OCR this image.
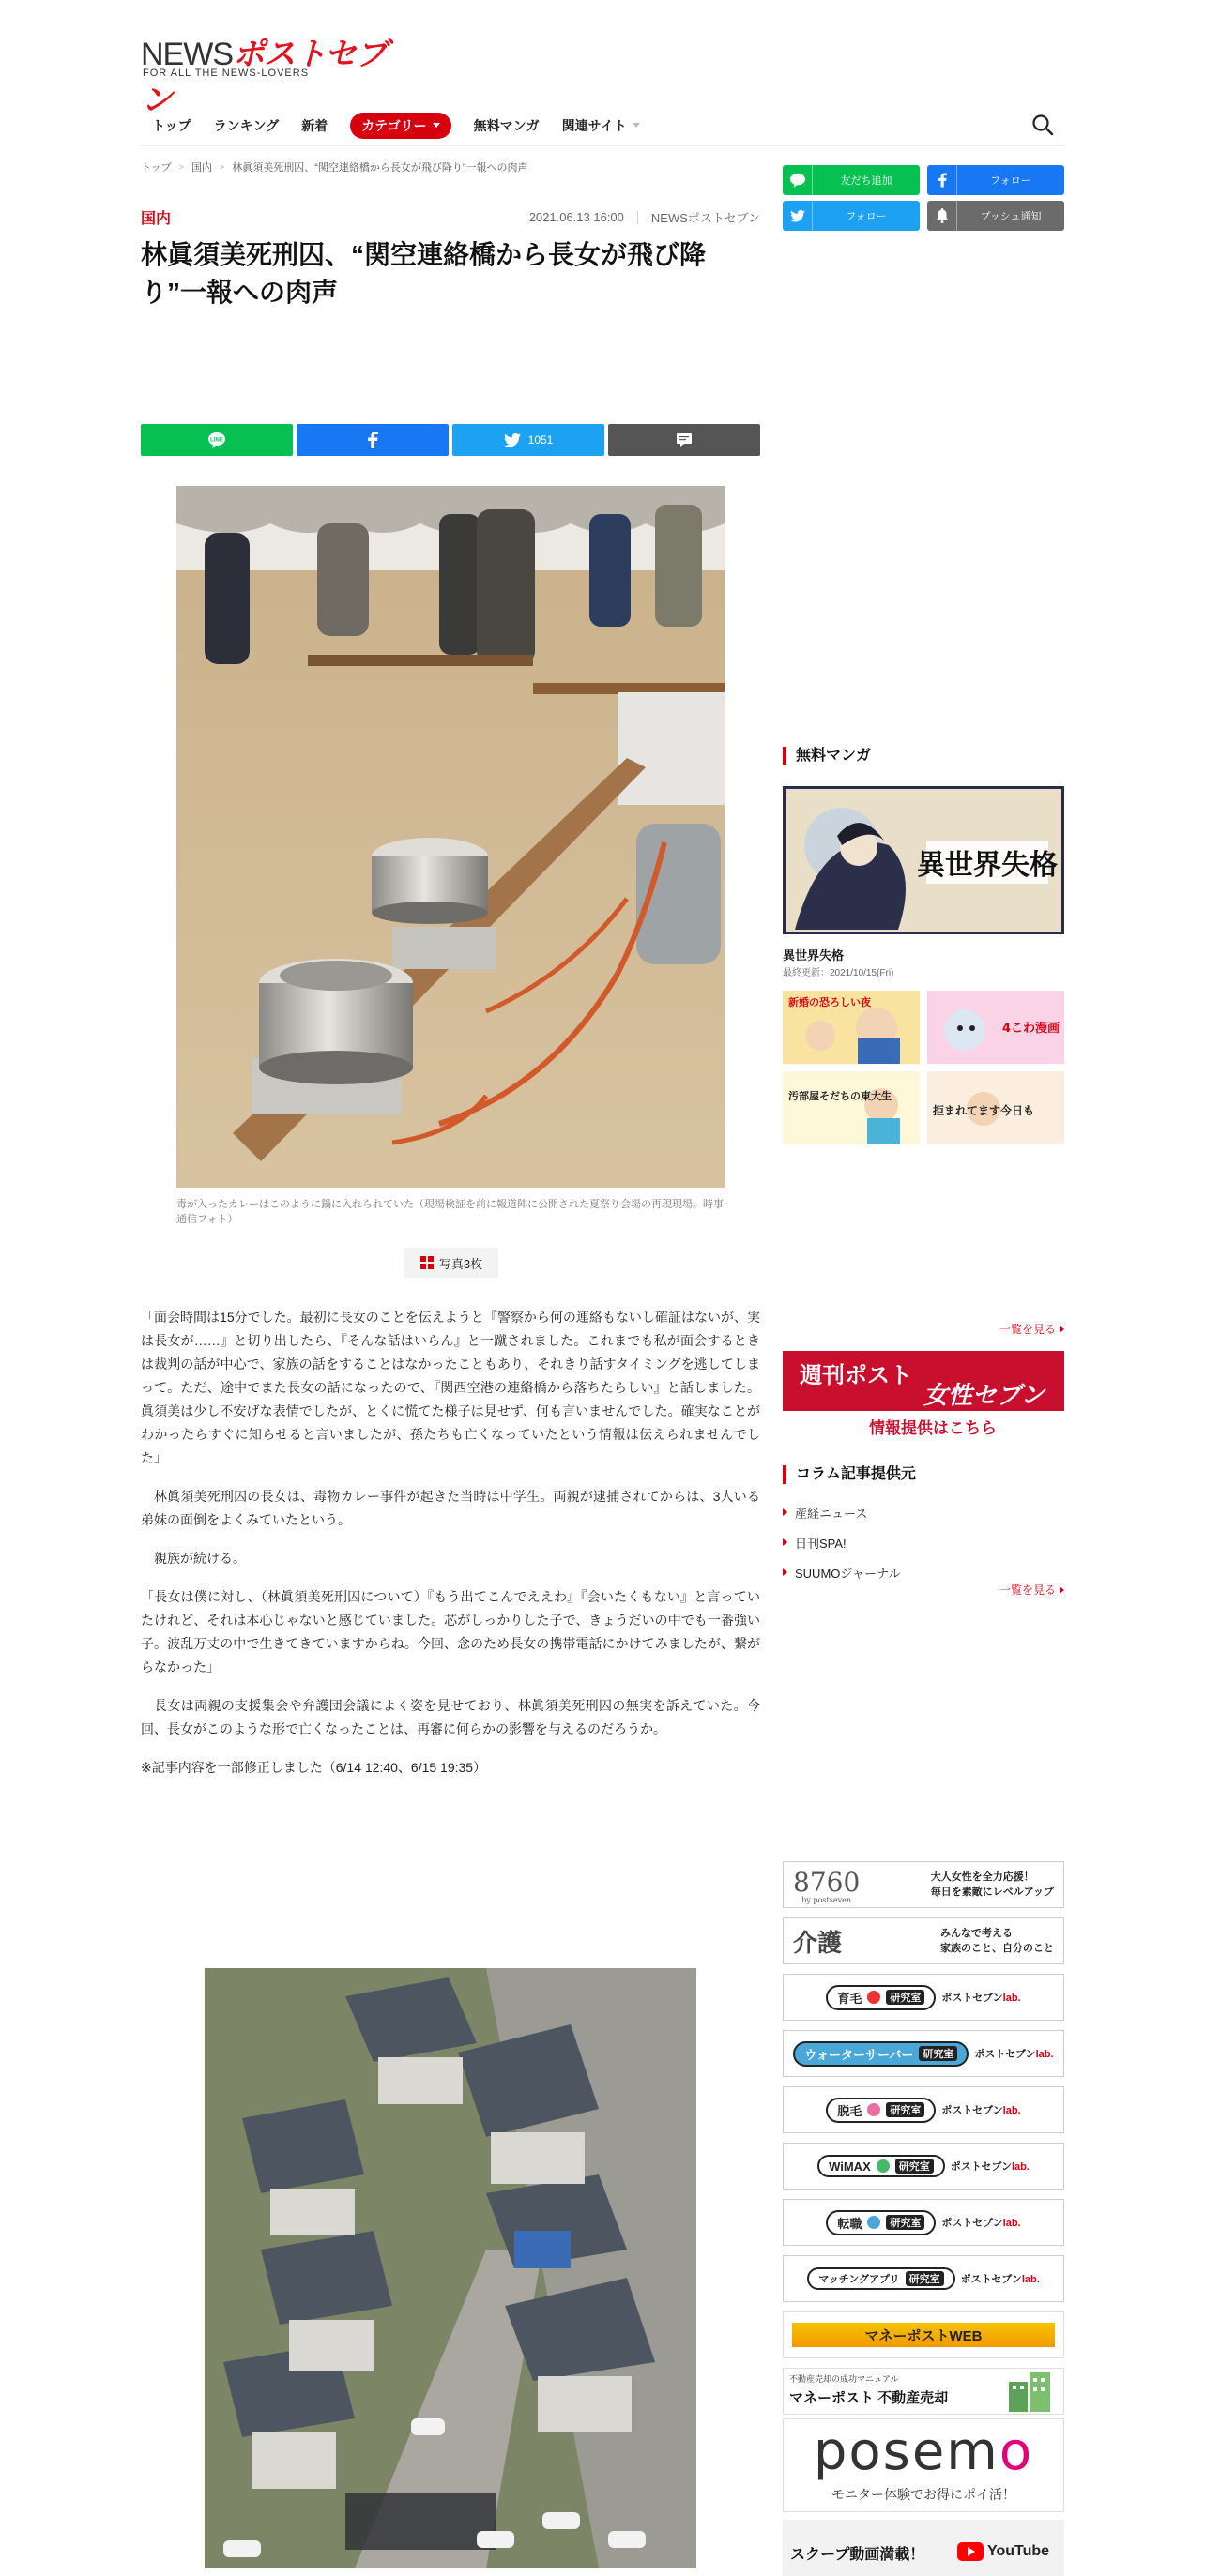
NEWSポストセブン
FOR ALL THE NEWS-LOVERS
トップ ランキング 新着	カテゴリー	無料マンガ 関連サイト
トップ > 国内 > 林眞須美死刑囚、“関空連絡橋から長女が飛び降り”一報への肉声
国内	2021.06.13 16:00 NEWSポストセブン
林眞須美死刑囚、“関空連絡橋から長女が飛び降り”一報への肉声
LINE	1051

毒が入ったカレーはこのように鍋に入れられていた（現場検証を前に報道陣に公開された夏祭り会場の再現現場。時事通信フォト）

写真3枚

「面会時間は15分でした。最初に長女のことを伝えようと『警察から何の連絡もないし確証はないが、実は長女が……』と切り出したら、『そんな話はいらん』と一蹴されました。これまでも私が面会するときは裁判の話が中心で、家族の話をすることはなかったこともあり、それきり話すタイミングを逃してしまって。ただ、途中でまた長女の話になったので、『関西空港の連絡橋から落ちたらしい』と話しました。眞須美は少し不安げな表情でしたが、とくに慌てた様子は見せず、何も言いませんでした。確実なことがわかったらすぐに知らせると言いましたが、孫たちも亡くなっていたという情報は伝えられませんでした」

林眞須美死刑囚の長女は、毒物カレー事件が起きた当時は中学生。両親が逮捕されてからは、3人いる弟妹の面倒をよくみていたという。

親族が続ける。

「長女は僕に対し、（林眞須美死刑囚について）『もう出てこんでええわ』『会いたくもない』と言っていたけれど、それは本心じゃないと感じていました。芯がしっかりした子で、きょうだいの中でも一番強い子。波乱万丈の中で生きてきていますからね。今回、念のため長女の携帯電話にかけてみましたが、繋がらなかった」

長女は両親の支援集会や弁護団会議によく姿を見せており、林眞須美死刑囚の無実を訴えていた。今回、長女がこのような形で亡くなったことは、再審に何らかの影響を与えるのだろうか。

※記事内容を一部修正しました（6/14 12:40、6/15 19:35）

友だち追加	フォロー
フォロー	プッシュ通知
無料マンガ
異世界失格
異世界失格
最終更新：2021/10/15(Fri)
新婚の恐ろしい夜
4こわ漫画
汚部屋そだちの東大生
拒まれてます今日も
一覧を見る
週刊ポスト
女性セブン
情報提供はこちら
コラム記事提供元
産経ニュース
日刊SPA!
SUUMOジャーナル
一覧を見る
8760
by postseven
大人女性を全力応援！
毎日を素敵にレベルアップ
介護	みんなで考える
家族のこと、自分のこと
育毛	研究室	ポストセブンlab.
ウォーターサーバー 研究室	ポストセブンlab.
脱毛	研究室	ポストセブンlab.
WiMAX	研究室	ポストセブンlab.
転職	研究室	ポストセブンlab.
マッチングアプリ 研究室	ポストセブンlab.
マネーポストWEB
不動産売却の成功マニュアル
マネーポスト 不動産売却
posemo
モニター体験でお得にポイ活！
スクープ動画満載！	YouTube
